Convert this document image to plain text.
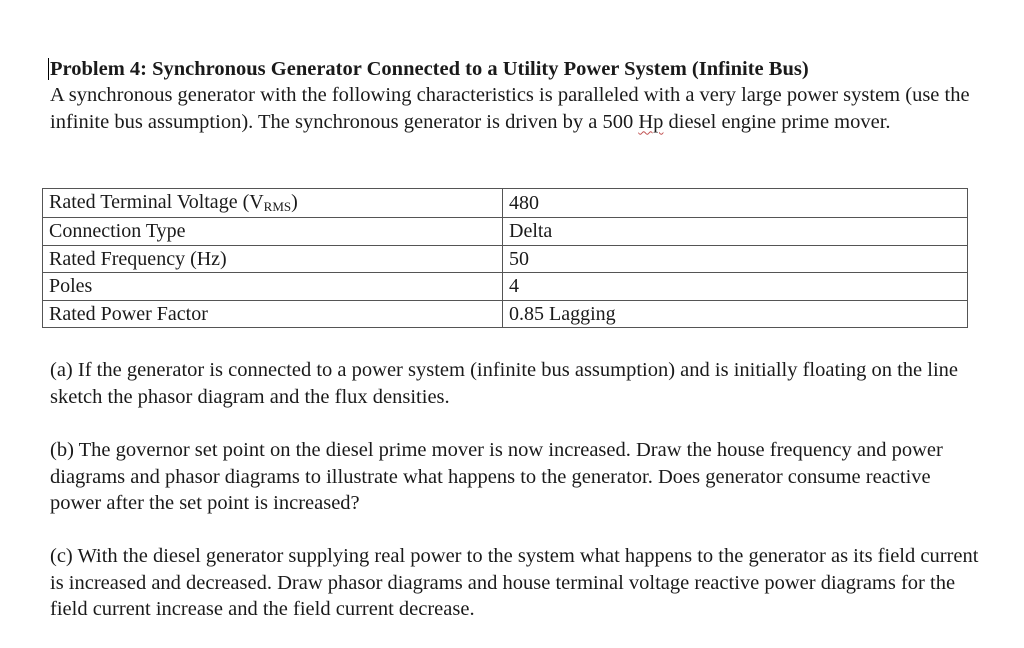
Problem 4: Synchronous Generator Connected to a Utility Power System (Infinite Bus)

A synchronous generator with the following characteristics is paralleled with a very large power system (use the infinite bus assumption). The synchronous generator is driven by a 500 Hp diesel engine prime mover.

Rated Terminal Voltage (VRMS)	480
Connection Type	Delta
Rated Frequency (Hz)	50
Poles	4
Rated Power Factor	0.85 Lagging

(a) If the generator is connected to a power system (infinite bus assumption) and is initially floating on the line sketch the phasor diagram and the flux densities.

(b) The governor set point on the diesel prime mover is now increased. Draw the house frequency and power diagrams and phasor diagrams to illustrate what happens to the generator. Does generator consume reactive power after the set point is increased?

(c) With the diesel generator supplying real power to the system what happens to the generator as its field current is increased and decreased. Draw phasor diagrams and house terminal voltage reactive power diagrams for the field current increase and the field current decrease.
